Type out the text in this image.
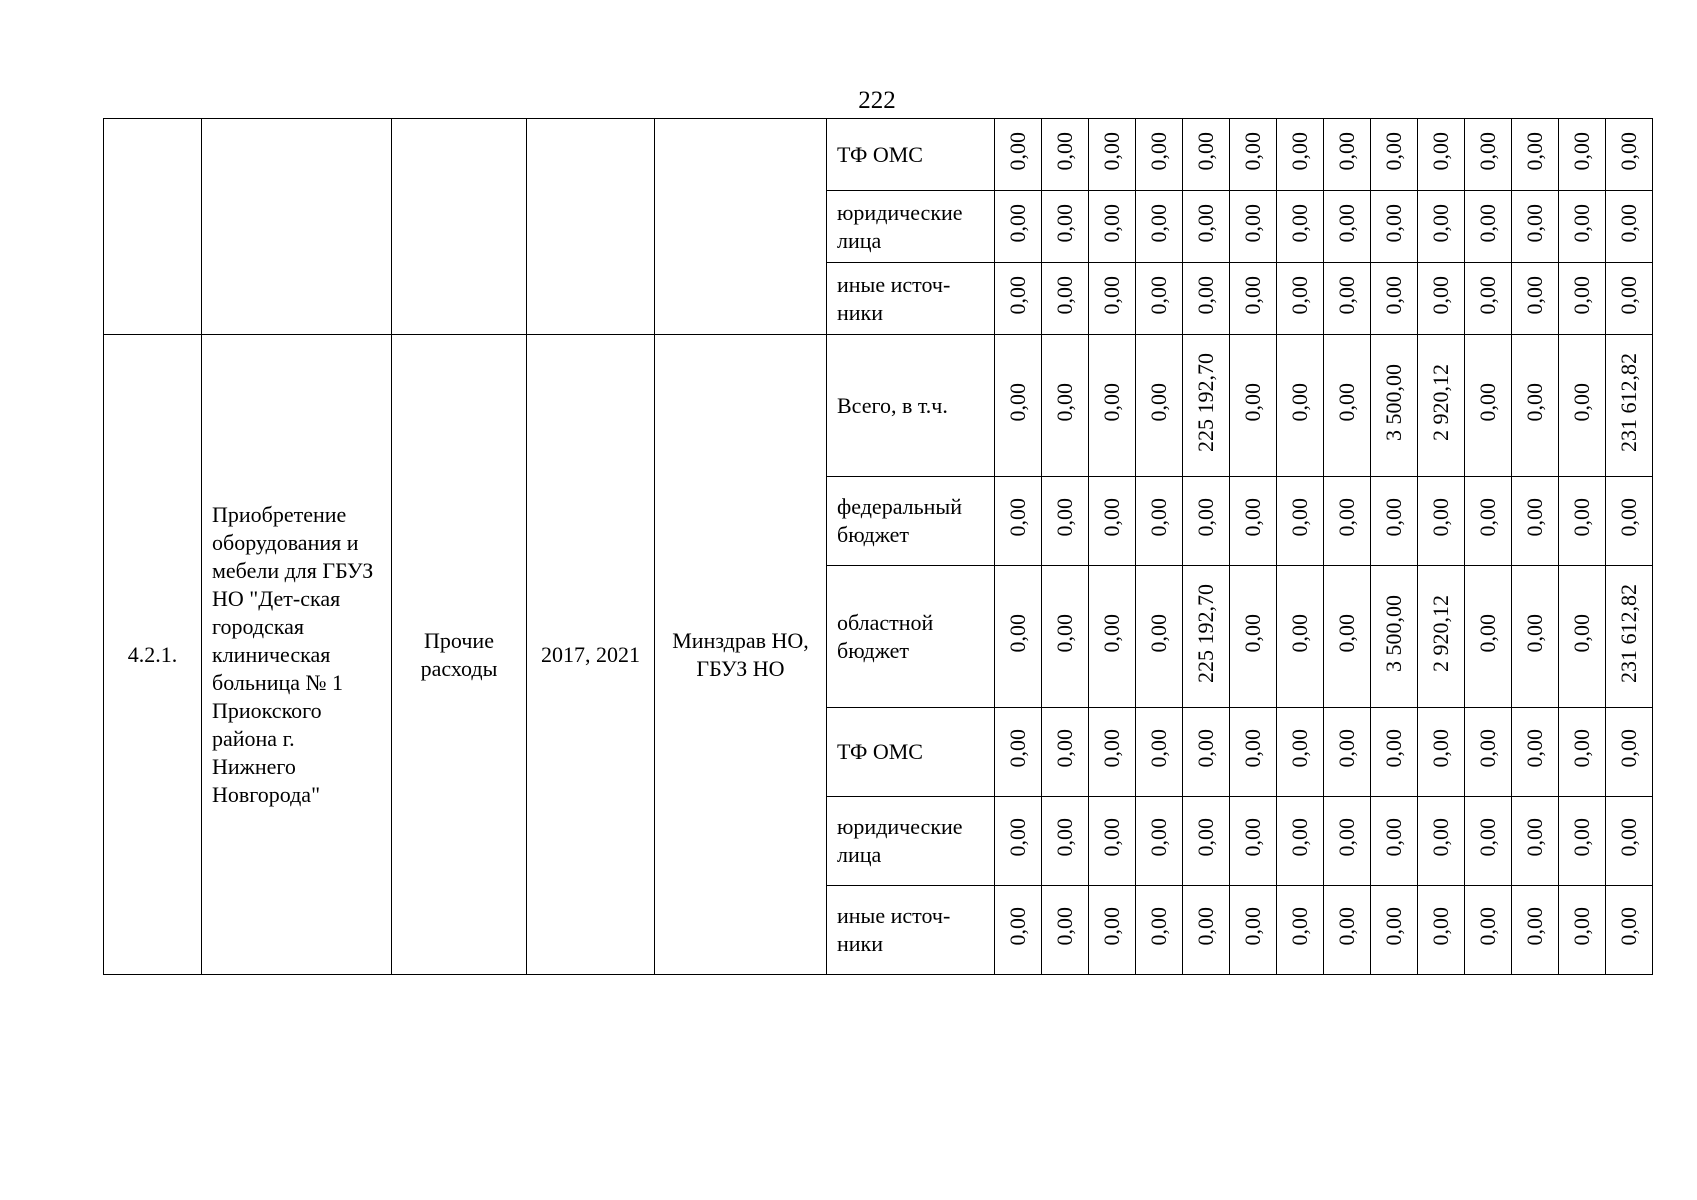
222
					ТФ ОМС	0,00	0,00	0,00	0,00	0,00	0,00	0,00	0,00	0,00	0,00	0,00	0,00	0,00	0,00
					юридические лица	0,00	0,00	0,00	0,00	0,00	0,00	0,00	0,00	0,00	0,00	0,00	0,00	0,00	0,00
					иные источ-ники	0,00	0,00	0,00	0,00	0,00	0,00	0,00	0,00	0,00	0,00	0,00	0,00	0,00	0,00
4.2.1.	Приобретение оборудования и мебели для ГБУЗ НО "Дет-ская городская клиническая больница № 1 Приокского района г. Нижнего Новгорода"	Прочие расходы	2017, 2021	Минздрав НО, ГБУЗ НО	Всего, в т.ч.	0,00	0,00	0,00	0,00	225 192,70	0,00	0,00	0,00	3 500,00	2 920,12	0,00	0,00	0,00	231 612,82
					федеральный бюджет	0,00	0,00	0,00	0,00	0,00	0,00	0,00	0,00	0,00	0,00	0,00	0,00	0,00	0,00
					областной бюджет	0,00	0,00	0,00	0,00	225 192,70	0,00	0,00	0,00	3 500,00	2 920,12	0,00	0,00	0,00	231 612,82
					ТФ ОМС	0,00	0,00	0,00	0,00	0,00	0,00	0,00	0,00	0,00	0,00	0,00	0,00	0,00	0,00
					юридические лица	0,00	0,00	0,00	0,00	0,00	0,00	0,00	0,00	0,00	0,00	0,00	0,00	0,00	0,00
					иные источ-ники	0,00	0,00	0,00	0,00	0,00	0,00	0,00	0,00	0,00	0,00	0,00	0,00	0,00	0,00
